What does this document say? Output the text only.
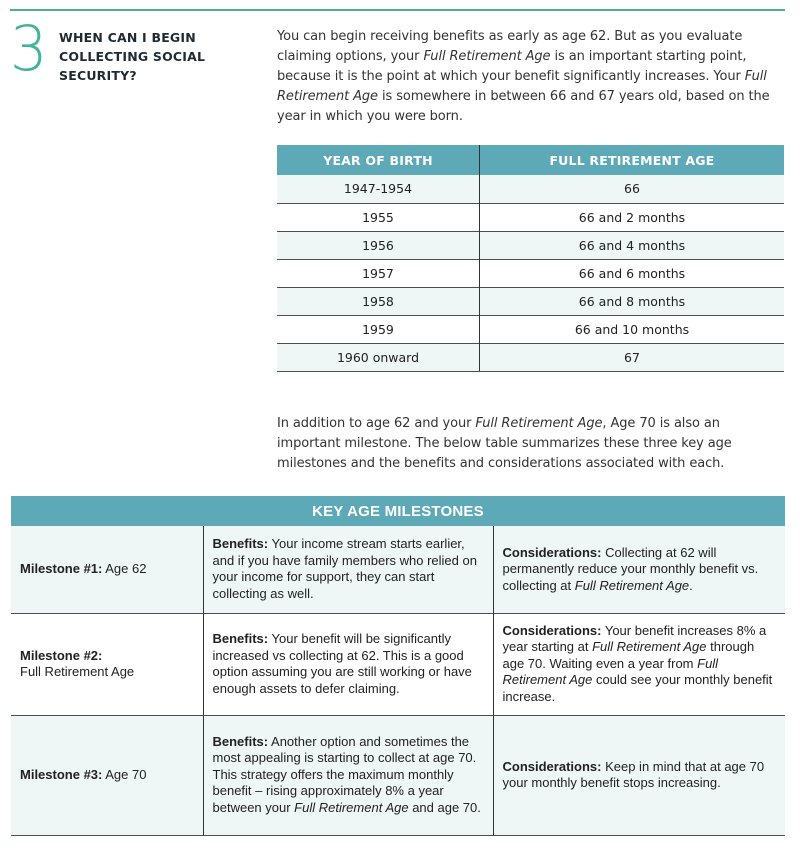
3 WHEN CAN I BEGIN COLLECTING SOCIAL SECURITY?

You can begin receiving benefits as early as age 62. But as you evaluate claiming options, your Full Retirement Age is an important starting point, because it is the point at which your benefit significantly increases. Your Full Retirement Age is somewhere in between 66 and 67 years old, based on the year in which you were born.

YEAR OF BIRTH	FULL RETIREMENT AGE
1947-1954	66
1955	66 and 2 months
1956	66 and 4 months
1957	66 and 6 months
1958	66 and 8 months
1959	66 and 10 months
1960 onward	67

In addition to age 62 and your Full Retirement Age, Age 70 is also an important milestone. The below table summarizes these three key age milestones and the benefits and considerations associated with each.

KEY AGE MILESTONES		
Milestone #1: Age 62	Benefits: Your income stream starts earlier, and if you have family members who relied on your income for support, they can start collecting as well.	Considerations: Collecting at 62 will permanently reduce your monthly benefit vs. collecting at Full Retirement Age.
Milestone #2:
Full Retirement Age	Benefits: Your benefit will be significantly increased vs collecting at 62. This is a good option assuming you are still working or have enough assets to defer claiming.	Considerations: Your benefit increases 8% a year starting at Full Retirement Age through age 70. Waiting even a year from Full Retirement Age could see your monthly benefit increase.
Milestone #3: Age 70	Benefits: Another option and sometimes the most appealing is starting to collect at age 70. This strategy offers the maximum monthly benefit – rising approximately 8% a year between your Full Retirement Age and age 70.	Considerations: Keep in mind that at age 70 your monthly benefit stops increasing.
